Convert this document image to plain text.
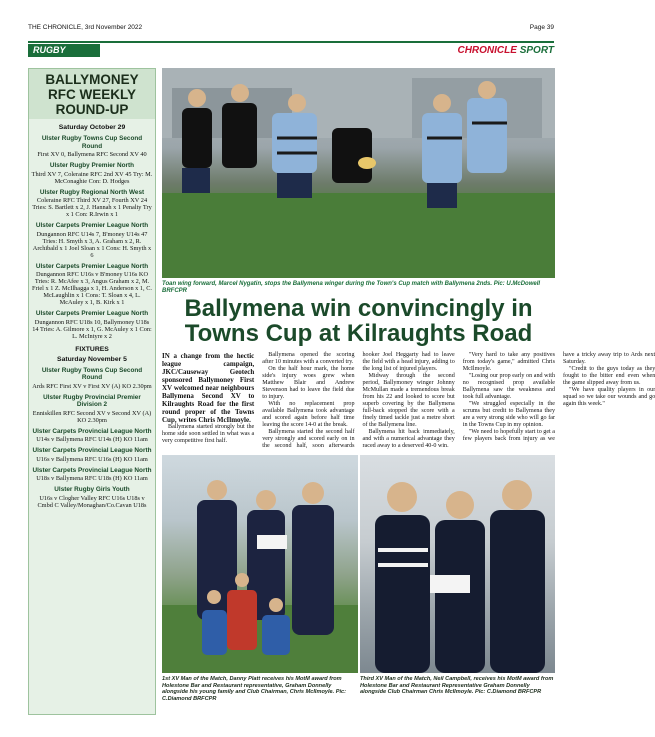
THE CHRONICLE, 3rd November 2022	Page 39
RUGBY	CHRONICLE SPORT
BALLYMONEY RFC WEEKLY ROUND-UP
Saturday October 29
Ulster Rugby Towns Cup Second Round
First XV 0, Ballymena RFC Second XV 40
Ulster Rugby Premier North
Third XV 7, Coleraine RFC 2nd XV 45 Try: M. McConaghie Con: D. Hodges
Ulster Rugby Regional North West
Coleraine RFC Third XV 27, Fourth XV 24 Tries: S. Bartlett x 2, J. Hannah x 1 Penalty Try x 1 Con: R.Irwin x 1
Ulster Carpets Premier League North
Dungannon RFC U14s 7, B'money U14s 47 Tries: H. Smyth x 3, A. Graham x 2, R. Archibald x 1 Joel Sloan x 1 Cons: H. Smyth x 6
Ulster Carpets Premier League North
Dungannon RFC U16s v B'money U16s KO Tries: R. McAfee x 3, Angus Graham x 2, M. Friel x 1 Z. McIlhagga x 1, H. Anderson x 1, C. McLaughlin x 1 Cons: T. Sloan x 4, L. McAuley x 1, B. Kirk x 1
Ulster Carpets Premier League North
Dungannon RFC U18s 10, Ballymoney U18s 14 Tries: A. Gilmore x 1, G. McAuley x 1 Con: L. McIntyre x 2
FIXTURES
Saturday November 5
Ulster Rugby Towns Cup Second Round
Ards RFC First XV v First XV (A) KO 2.30pm
Ulster Rugby Provincial Premier Division 2
Enniskillen RFC Second XV v Second XV (A) KO 2.30pm
Ulster Carpets Provincial League North
U14s v Ballymena RFC U14s (H) KO 11am
Ulster Carpets Provincial League North
U16s v Ballymena RFC U16s (H) KO 11am
Ulster Carpets Provincial League North
U18s v Ballymena RFC U18s (H) KO 11am
Ulster Rugby Girls Youth
U16s v Clogher Valley RFC U16s U18s v Cmbd C Valley/Monaghan/Co.Cavan U18s
Toan wing forward, Marcel Nygatin, stops the Ballymena winger during the Town's Cup match with Ballymena 2nds. Pic: U.McDowell BRFCPR
Ballymena win convincingly in Towns Cup at Kilraughts Road

IN a change from the hectic league campaign, JKC/Causeway Geotech sponsored Ballymoney First XV welcomed near neighbours Ballymena Second XV to Kilraughts Road for the first round proper of the Towns Cup, writes Chris McIlmoyle.

Ballymena started strongly but the home side soon settled in what was a very competitive first half.

Ballymena opened the scoring after 10 minutes with a converted try.

On the half hour mark, the home side's injury woes grew when Matthew Blair and Andrew Stevenson had to leave the field due to injury.

With no replacement prop available Ballymena took advantage and scored again before half time leaving the score 14-0 at the break.

Ballymena started the second half very strongly and scored early on in the second half, soon afterwards hooker Joel Heggarty had to leave the field with a head injury, adding to the long list of injured players.

Midway through the second period, Ballymoney winger Johnny McMullan made a tremendous break from his 22 and looked to score but superb covering by the Ballymena full-back stopped the score with a finely timed tackle just a metre short of the Ballymena line.

Ballymena hit back immediately, and with a numerical advantage they raced away to a deserved 40-0 win.

"Very hard to take any positives from today's game," admitted Chris McIlmoyle.

"Losing our prop early on and with no recognised prop available Ballymena saw the weakness and took full advantage.

"We struggled especially in the scrums but credit to Ballymena they are a very strong side who will go far in the Towns Cup in my opinion.

"We need to hopefully start to get a few players back from injury as we have a tricky away trip to Ards next Saturday.

"Credit to the guys today as they fought to the bitter end even when the game slipped away from us.

"We have quality players in our squad so we take our wounds and go again this week."

1st XV Man of the Match, Danny Platt receives his MotM award from Holestone Bar and Restaurant representative, Graham Donnelly alongside his young family and Club Chairman, Chris McIlmoyle. Pic: C.Diamond BRFCPR
Third XV Man of the Match, Neil Campbell, receives his MotM award from Holestone Bar and Restaurant Representative Graham Donnelly alongside Club Chairman Chris McIlmoyle. Pic: C.Diamond BRFCPR
